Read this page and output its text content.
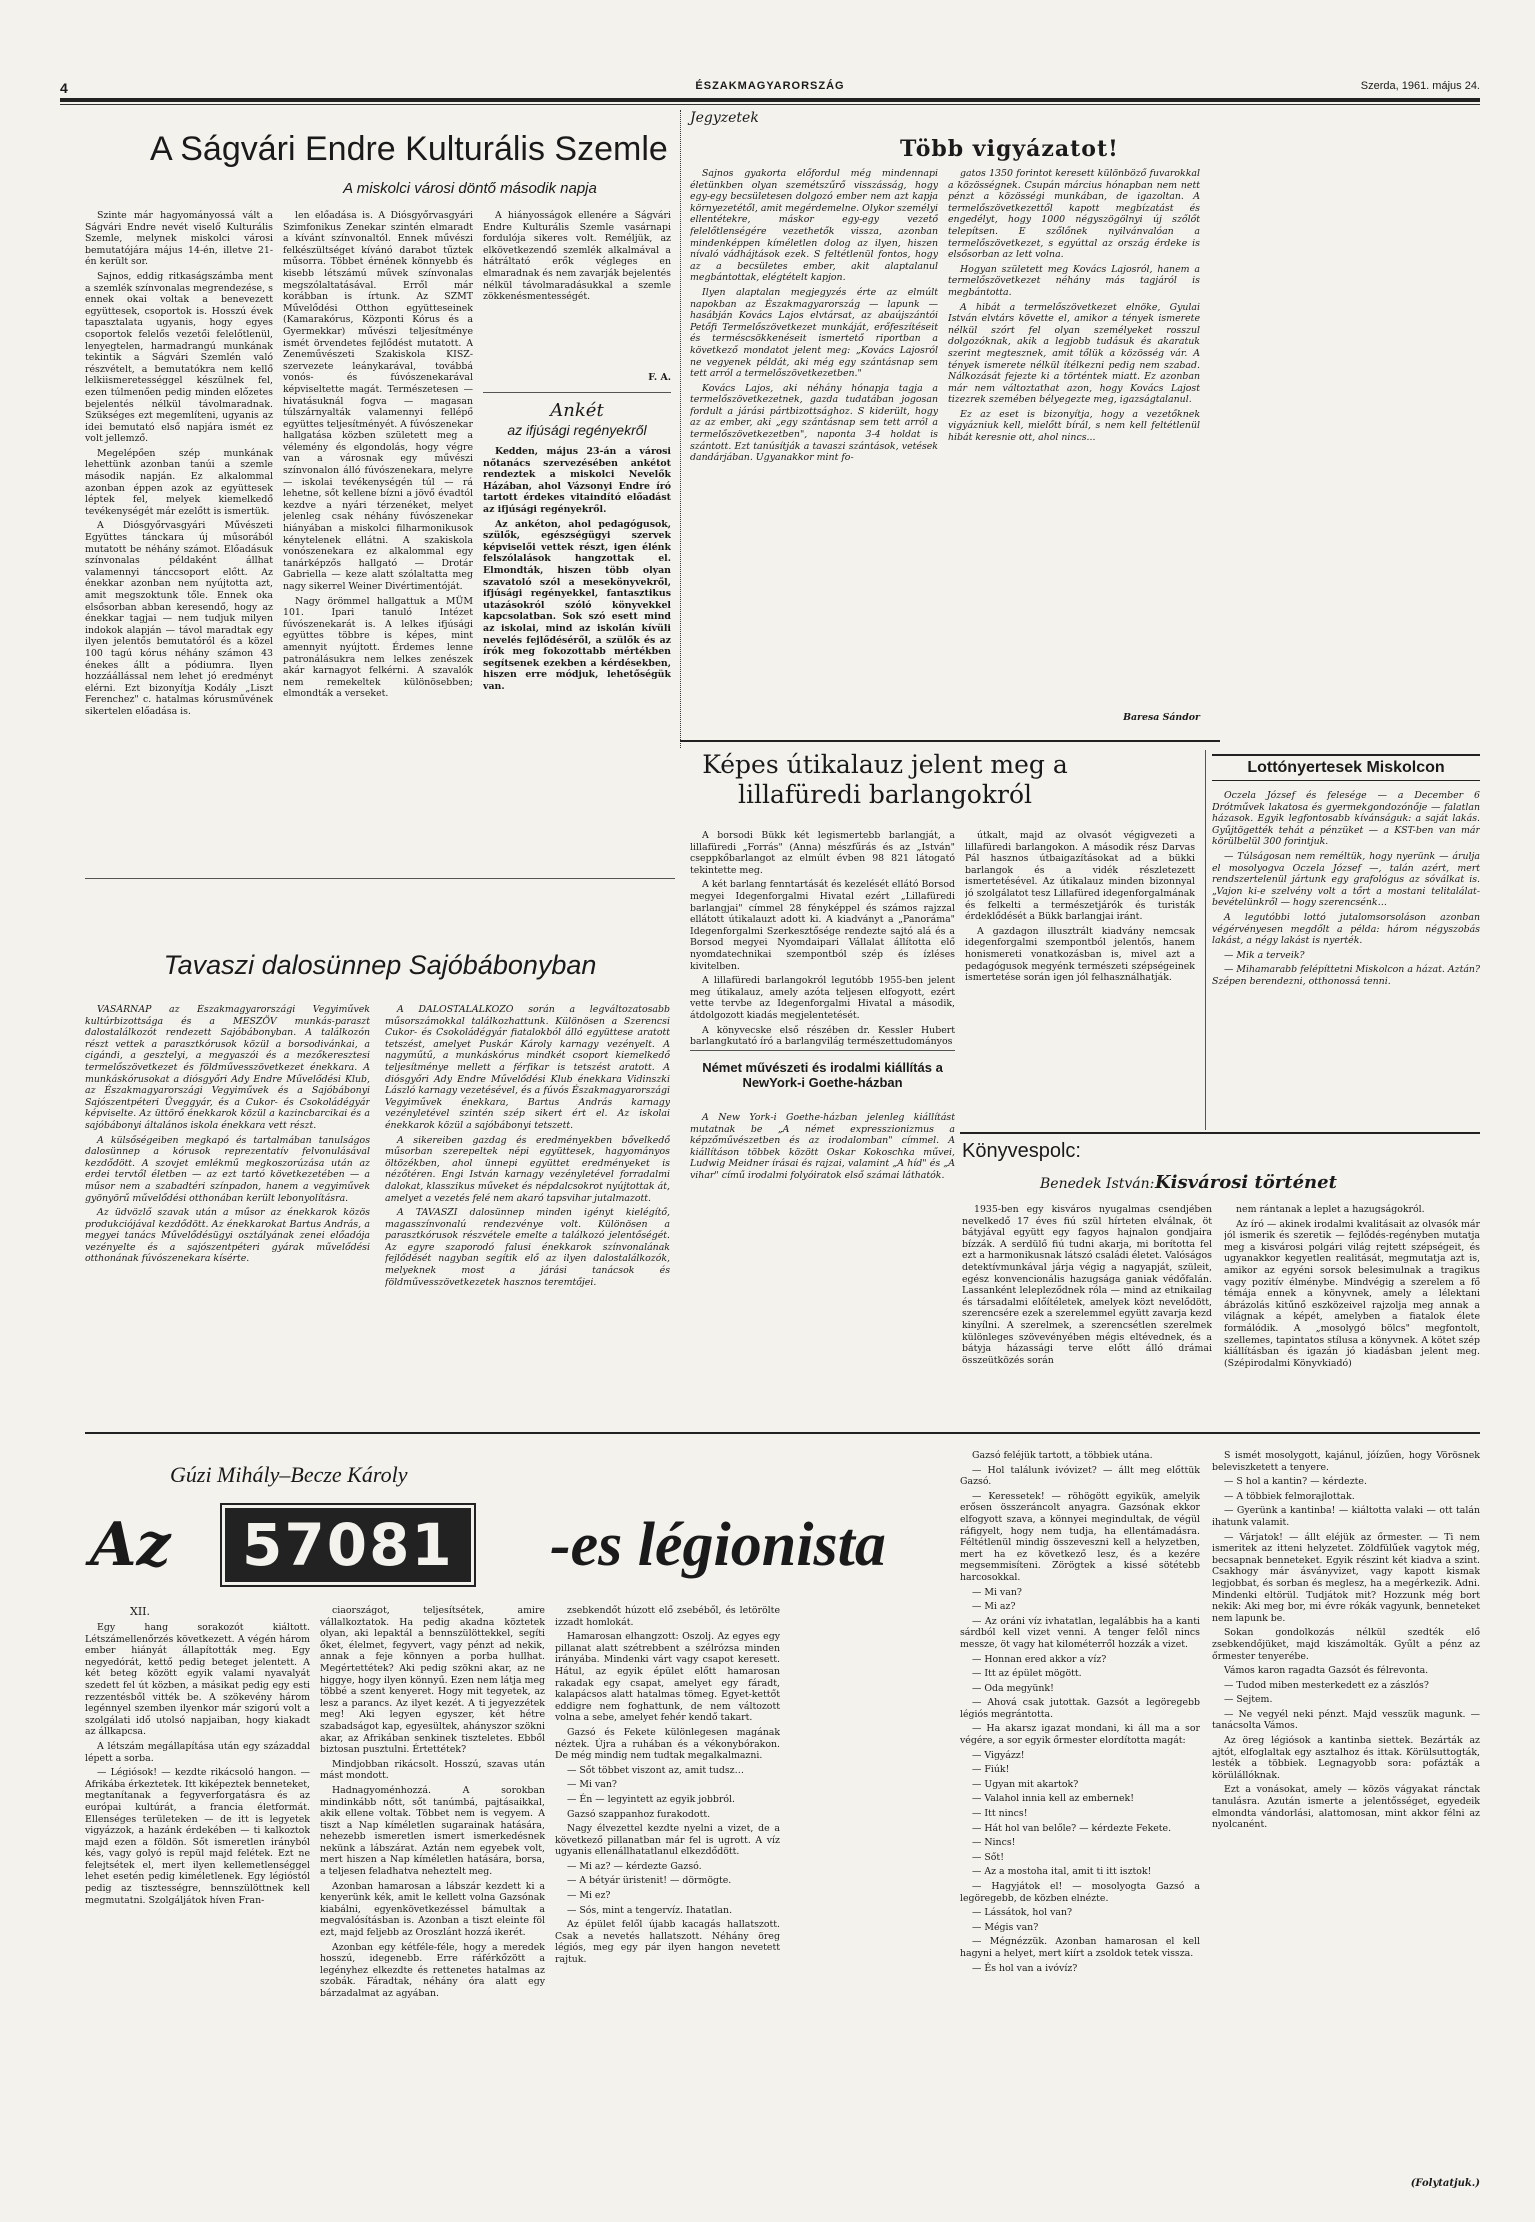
4	ÉSZAKMAGYARORSZÁG	Szerda, 1961. május 24.
A Ságvári Endre Kulturális Szemle
A miskolci városi döntő második napja

Szinte már hagyományossá vált a Ságvári Endre nevét viselő Kulturális Szemle, melynek miskolci városi bemutatójára május 14-én, illetve 21-én került sor.

Sajnos, eddig ritkaságszámba ment a szemlék színvonalas megrendezése, s ennek okai voltak a benevezett együttesek, csoportok is. Hosszú évek tapasztalata ugyanis, hogy egyes csoportok felelős vezetői felelőtlenül, lenyegtelen, harmadrangú munkának tekintik a Ságvári Szemlén való részvételt, a bemutatókra nem kellő lelkiismeretességgel készülnek fel, ezen túlmenően pedig minden előzetes bejelentés nélkül távolmaradnak. Szükséges ezt megemlíteni, ugyanis az idei bemutató első napjára ismét ez volt jellemző.

Megelépően szép munkának lehettünk azonban tanúi a szemle második napján. Ez alkalommal azonban éppen azok az együttesek léptek fel, melyek kiemelkedő tevékenységét már ezelőtt is ismertük.

A Diósgyőrvasgyári Művészeti Együttes tánckara új műsorából mutatott be néhány számot. Előadásuk színvonalas példaként állhat valamennyi tánccsoport előtt. Az énekkar azonban nem nyújtotta azt, amit megszoktunk tőle. Ennek oka elsősorban abban keresendő, hogy az énekkar tagjai — nem tudjuk milyen indokok alapján — távol maradtak egy ilyen jelentős bemutatóról és a közel 100 tagú kórus néhány számon 43 énekes állt a pódiumra. Ilyen hozzáállással nem lehet jó eredményt elérni. Ezt bizonyítja Kodály „Liszt Ferenchez" c. hatalmas kórusművének sikertelen előadása is.

len előadása is. A Diósgyőrvasgyári Szimfonikus Zenekar szintén elmaradt a kívánt színvonaltól. Ennek művészi felkészültséget kívánó darabot tűztek műsorra. Többet érnének könnyebb és kisebb létszámú művek színvonalas megszólaltatásával. Erről már korábban is írtunk. Az SZMT Művelődési Otthon együtteseinek (Kamarakórus, Központi Kórus és a Gyermekkar) művészi teljesítménye ismét örvendetes fejlődést mutatott. A Zeneművészeti Szakiskola KISZ-szervezete leánykarával, továbbá vonós- és fúvószenekarával képviseltette magát. Természetesen — hivatásuknál fogva — magasan túlszárnyalták valamennyi fellépő együttes teljesítményét. A fúvószenekar hallgatása közben született meg a vélemény és elgondolás, hogy végre van a városnak egy művészi színvonalon álló fúvószenekara, melyre — iskolai tevékenységén túl — rá lehetne, sőt kellene bízni a jövő évadtól kezdve a nyári térzenéket, melyet jelenleg csak néhány fúvószenekar hiányában a miskolci filharmonikusok kénytelenek ellátni. A szakiskola vonószenekara ez alkalommal egy tanárképzős hallgató — Drotár Gabriella — keze alatt szólaltatta meg nagy sikerrel Weiner Divértimentóját.

Nagy örömmel hallgattuk a MÜM 101. Ipari tanuló Intézet fúvószenekarát is. A lelkes ifjúsági együttes többre is képes, mint amennyit nyújtott. Érdemes lenne patronálásukra nem lelkes zenészek akár karnagyot felkérni. A szavalók nem remekeltek különösebben; elmondták a verseket.

A hiányosságok ellenére a Ságvári Endre Kulturális Szemle vasárnapi fordulója sikeres volt. Reméljük, az elkövetkezendő szemlék alkalmával a hátráltató erők végleges en elmaradnak és nem zavarják bejelentés nélkül távolmaradásukkal a szemle zökkenésmentességét.

F. A.
Ankét
az ifjúsági regényekről

Kedden, május 23-án a városi nőtanács szervezésében ankétot rendeztek a miskolci Nevelők Házában, ahol Vázsonyi Endre író tartott érdekes vitaindító előadást az ifjúsági regényekről.

Az ankéton, ahol pedagógusok, szülők, egészségügyi szervek képviselői vettek részt, igen élénk felszólalások hangzottak el. Elmondták, hiszen több olyan szavatoló szól a mesekönyvekről, ifjúsági regényekkel, fantasztikus utazásokról szóló könyvekkel kapcsolatban. Sok szó esett mind az iskolai, mind az iskolán kívüli nevelés fejlődéséről, a szülők és az írók meg fokozottabb mértékben segítsenek ezekben a kérdésekben, hiszen erre módjuk, lehetőségük van.

Jegyzetek
Több vigyázatot!

Sajnos gyakorta előfordul még mindennapi életünkben olyan szemétszűrő visszásság, hogy egy-egy becsületesen dolgozó ember nem azt kapja környezetétől, amit megérdemelne. Olykor személyi ellentétekre, máskor egy-egy vezető felelőtlenségére vezethetők vissza, azonban mindenképpen kíméletlen dolog az ilyen, hiszen nívaló vádhájtások ezek. S feltétlenül fontos, hogy az a becsületes ember, akit alaptalanul megbántottak, elégtételt kapjon.

Ilyen alaptalan megjegyzés érte az elmúlt napokban az Északmagyarország — lapunk — hasábján Kovács Lajos elvtársat, az abaújszántói Petőfi Termelőszövetkezet munkáját, erőfeszítéseit és terméscsökkenéseit ismertető riportban a következő mondatot jelent meg: „Kovács Lajosról ne vegyenek példát, aki még egy szántásnap sem tett arról a termelőszövetkezetben."

Kovács Lajos, aki néhány hónapja tagja a termelőszövetkezetnek, gazda tudatában jogosan fordult a járási pártbizottsághoz. S kiderült, hogy az az ember, aki „egy szántásnap sem tett arról a termelőszövetkezetben", naponta 3-4 holdat is szántott. Ezt tanúsítják a tavaszi szántások, vetések dandárjában. Ugyanakkor mint fo-

gatos 1350 forintot keresett különböző fuvarokkal a közösségnek. Csupán március hónapban nem nett pénzt a közösségi munkában, de igazoltan. A termelőszövetkezettől kapott megbízatást és engedélyt, hogy 1000 négyszögölnyi új szőlőt telepítsen. E szőlőnek nyilvánvalóan a termelőszövetkezet, s egyúttal az ország érdeke is elsősorban az lett volna.

Hogyan született meg Kovács Lajosról, hanem a termelőszövetkezet néhány más tagjáról is megbántotta.

A hibát a termelőszövetkezet elnöke, Gyulai István elvtárs követte el, amikor a tények ismerete nélkül szórt fel olyan személyeket rosszul dolgozóknak, akik a legjobb tudásuk és akaratuk szerint megtesznek, amit tőlük a közösség vár. A tények ismerete nélkül ítélkezni pedig nem szabad. Nálkozását fejezte ki a történtek miatt. Ez azonban már nem változtathat azon, hogy Kovács Lajost tizezrek szemében bélyegezte meg, igazságtalanul.

Ez az eset is bizonyítja, hogy a vezetőknek vigyázniuk kell, mielőtt bírál, s nem kell feltétlenül hibát keresnie ott, ahol nincs...

Baresa Sándor
Képes útikalauz jelent meg a lillafüredi barlangokról

A borsodi Bükk két legismertebb barlangját, a lillafüredi „Forrás" (Anna) mészfűrás és az „István" cseppkőbarlangot az elmúlt évben 98 821 látogató tekintette meg.

A két barlang fenntartását és kezelését ellátó Borsod megyei Idegenforgalmi Hivatal ezért „Lillafüredi barlangjai" címmel 28 fényképpel és számos rajzzal ellátott útikalauzt adott ki. A kiadványt a „Panoráma" Idegenforgalmi Szerkesztősége rendezte sajtó alá és a Borsod megyei Nyomdaipari Vállalat állította elő nyomdatechnikai szempontból szép és ízléses kivitelben.

A lillafüredi barlangokról legutóbb 1955-ben jelent meg útikalauz, amely azóta teljesen elfogyott, ezért vette tervbe az Idegenforgalmi Hivatal a második, átdolgozott kiadás megjelentetését.

A könyvecske első részében dr. Kessler Hubert barlangkutató író a barlangvilág természettudományos

útkalt, majd az olvasót végigvezeti a lillafüredi barlangokon. A második rész Darvas Pál hasznos útbaigazításokat ad a bükki barlangok és a vidék részletezett ismertetésével. Az útikalauz minden bizonnyal jó szolgálatot tesz Lillafüred idegenforgalmának és felkelti a természetjárók és turisták érdeklődését a Bükk barlangjai iránt.

A gazdagon illusztrált kiadvány nemcsak idegenforgalmi szempontból jelentős, hanem honismereti vonatkozásban is, mivel azt a pedagógusok megyénk természeti szépségeinek ismertetése során igen jól felhasználhatják.

Német művészeti és irodalmi kiállítás a NewYork-i Goethe-házban

A New York-i Goethe-házban jelenleg kiállítást mutatnak be „A német expresszionizmus a képzőművészetben és az irodalomban" címmel. A kiállításon többek között Oskar Kokoschka művei, Ludwig Meidner írásai és rajzai, valamint „A híd" és „A vihar" című irodalmi folyóiratok első számai láthatók.

Lottónyertesek Miskolcon

Oczela József és felesége — a December 6 Drótművek lakatosa és gyermekgondozónője — falatlan házasok. Egyik legfontosabb kívánságuk: a saját lakás. Gyűjtögették tehát a pénzüket — a KST-ben van már körülbelül 300 forintjuk.

— Túlságosan nem reméltük, hogy nyerünk — árulja el mosolyogva Oczela József —, talán azért, mert rendszertelenül jártunk egy grafológus az sóválkat is. „Vajon ki-e szelvény volt a tőrt a mostani telitalálat-bevételünkről — hogy szerencsénk…

A legutóbbi lottó jutalomsorsoláson azonban végérvényesen megdőlt a példa: három négyszobás lakást, a négy lakást is nyerték.

— Mik a terveik?

— Mihamarabb felépíttetni Miskolcon a házat. Aztán? Szépen berendezni, otthonossá tenni.

Könyvespolc:
Benedek István: Kisvárosi történet

1935-ben egy kisváros nyugalmas csendjében nevelkedő 17 éves fiú szül hírteten elválnak, öt bátyjával együtt egy fagyos hajnalon gondjaira bízzák. A serdülő fiú tudni akarja, mi borította fel ezt a harmonikusnak látszó családi életet. Valóságos detektívmunkával járja végig a nagyapját, szüleit, egész konvencionális hazugsága ganiak védőfalán. Lassanként lelepleződnek róla — mind az etnikailag és társadalmi előítéletek, amelyek közt nevelődött, szerencsére ezek a szerelemmel együtt zavarja kezd kinyílni. A szerelmek, a szerencsétlen szerelmek különleges szövevényében mégis eltévednek, és a bátyja házassági terve előtt álló drámai összeütközés során

nem rántanak a leplet a hazugságokról.

Az író — akinek irodalmi kvalitásait az olvasók már jól ismerik és szeretik — fejlődés-regényben mutatja meg a kisvárosi polgári világ rejtett szépségeit, és ugyanakkor kegyetlen realitását, megmutatja azt is, amikor az egyéni sorsok belesimulnak a tragikus vagy pozitív élménybe. Mindvégig a szerelem a fő témája ennek a könyvnek, amely a lélektani ábrázolás kitűnő eszközeivel rajzolja meg annak a világnak a képét, amelyben a fiatalok élete formálódik. A „mosolygó bölcs" megfontolt, szellemes, tapintatos stílusa a könyvnek. A kötet szép kiállításban és igazán jó kiadásban jelent meg. (Szépirodalmi Könyvkiadó)

Tavaszi dalosünnep Sajóbábonyban

VASÁRNAP az Északmagyarországi Vegyiművek kultúrbizottsága és a MESZÖV munkás-paraszt dalostalálkozót rendezett Sajóbábonyban. A találkozón részt vettek a parasztkórusok közül a borsodivánkai, a cigándi, a gesztelyi, a megyaszói és a mezőkeresztesi termelőszövetkezet és földművesszövetkezet énekkara. A munkáskórusokat a diósgyőri Ady Endre Művelődési Klub, az Északmagyarországi Vegyiművek és a Sajóbábonyi Sajószentpéteri Üveggyár, és a Cukor- és Csokoládégyár képviselte. Az üttörő énekkarok közül a kazincbarcikai és a sajóbábonyi általános iskola énekkara vett részt.

A külsőségeiben megkapó és tartalmában tanulságos dalosünnep a kórusok reprezentatív felvonulásával kezdődött. A szovjet emlékmű megkoszorúzása után az erdei tervtől életben — az ezt tartó következetében — a műsor nem a szabadtéri színpadon, hanem a vegyiművek gyönyörű művelődési otthonában került lebonyolításra.

Az üdvözlő szavak után a műsor az énekkarok közös produkciójával kezdődött. Az énekkarokat Bartus András, a megyei tanács Művelődésügyi osztályának zenei előadója vezényelte és a sajószentpéteri gyárak művelődési otthonának fúvószenekara kísérte.

A DALOSTALÁLKOZÓ során a legváltozatosabb műsorszámokkal találkozhattunk. Különösen a Szerencsi Cukor- és Csokoládégyár fiatalokból álló együttese aratott tetszést, amelyet Puskár Károly karnagy vezényelt. A nagyműtű, a munkáskórus mindkét csoport kiemelkedő teljesítménye mellett a férfikar is tetszést aratott. A diósgyőri Ady Endre Művelődési Klub énekkara Vidinszki László karnagy vezetésével, és a fúvós Északmagyarországi Vegyiművek énekkara, Bartus András karnagy vezényletével szintén szép sikert ért el. Az iskolai énekkarok közül a sajóbábonyi tetszett.

A sikereiben gazdag és eredményekben bővelkedő műsorban szerepeltek népi együttesek, hagyományos öltözékben, ahol ünnepi együttet eredményeket is nézőtéren. Engi István karnagy vezényletével forradalmi dalokat, klasszikus műveket és népdalcsokrot nyújtottak át, amelyet a vezetés felé nem akaró tapsvihar jutalmazott.

A TAVASZI dalosünnep minden igényt kielégítő, magasszínvonalú rendezvénye volt. Különösen a parasztkórusok részvétele emelte a találkozó jelentőségét. Az egyre szaporodó falusi énekkarok színvonalának fejlődését nagyban segítik elő az ilyen dalostalálkozók, melyeknek most a járási tanácsok és földművesszövetkezetek hasznos teremtőjei.

Gúzi Mihály–Becze Károly
Az 57081 -es légionista
XII.

Egy hang sorakozót kiáltott. Létszámellenőrzés következett. A végén három ember hiányát állapították meg. Egy negyedórát, kettő pedig beteget jelentett. A két beteg között egyik valami nyavalyát szedett fel út közben, a másikat pedig egy esti rezzentésből vitték be. A szökevény három legénnyel szemben ilyenkor már szigorú volt a szolgálati idő utolsó napjaiban, hogy kiakadt az állkapcsa.

A létszám megállapítása után egy századdal lépett a sorba.

— Légiósok! — kezdte rikácsoló hangon. — Afrikába érkeztetek. Itt kiképeztek benneteket, megtanítanak a fegyverforgatásra és az európai kultúrát, a francia életformát. Ellenséges területeken — de itt is legyetek vigyázzok, a hazánk érdekében — ti kalkoztok majd ezen a földön. Sőt ismeretlen irányból kés, vagy golyó is repül majd felétek. Ezt ne felejtsétek el, mert ilyen kellemetlenséggel lehet esetén pedig kiméletlenek. Egy légióstól pedig az tisztességre, bennszülöttnek kell megmutatni. Szolgáljátok híven Fran-

ciaországot, teljesítsétek, amire vállalkoztatok. Ha pedig akadna köztetek olyan, aki lepaktál a bennszülöttekkel, segíti őket, élelmet, fegyvert, vagy pénzt ad nekik, annak a feje könnyen a porba hullhat. Megértettétek? Aki pedig szökni akar, az ne higgye, hogy ilyen könnyű. Ezen nem látja meg többé a szent kenyeret. Hogy mit tegyetek, az lesz a parancs. Az ilyet kezét. A ti jegyezzétek meg! Aki legyen egyszer, két hétre szabadságot kap, egyesültek, ahányszor szökni akar, az Afrikában senkinek tiszteletes. Ebből biztosan pusztulni. Értettétek?

Mindjobban rikácsolt. Hosszú, szavas után mást mondott.

Hadnagyoménhozzá. A sorokban mindinkább nőtt, sőt tanúmbá, pajtásaikkal, akik ellene voltak. Többet nem is vegyem. A tiszt a Nap kíméletlen sugarainak hatására, nehezebb ismeretlen ismert ismerkedésnek nekünk a lábszárat. Aztán nem egyebek volt, mert hiszen a Nap kíméletlen hatására, borsa, a teljesen feladhatva neheztelt meg.

Azonban hamarosan a lábszár kezdett ki a kenyerünk kék, amit le kellett volna Gazsónak kiabálni, egyenkövetkezéssel bámultak a megvalósításban is. Azonban a tiszt eleinte föl ezt, majd feljebb az Oroszlánt hozzá ikerét.

Azonban egy kétféle-féle, hogy a meredek hosszú, idegenebb. Erre ráférkőzött a legényhez elkezdte és rettenetes hatalmas az szobák. Fáradtak, néhány óra alatt egy bárzadalmat az agyában.

zsebkendőt húzott elő zsebéből, és letörölte izzadt homlokát.

Hamarosan elhangzott: Oszolj. Az egyes egy pillanat alatt szétrebbent a szélrózsa minden irányába. Mindenki várt vagy csapot keresett. Hátul, az egyik épület előtt hamarosan rakadak egy csapat, amelyet egy fáradt, kalapácsos alatt hatalmas tömeg. Egyet-kettőt eddigre nem foghattunk, de nem változott volna a sebe, amelyet fehér kendő takart.

Gazsó és Fekete különlegesen magának néztek. Újra a ruhában és a vékonybórakon. De még mindig nem tudtak megalkalmazni.

— Sőt többet viszont az, amit tudsz…

— Mi van?

— Én — legyintett az egyik jobbról.

Gazsó szappanhoz furakodott.

Nagy élvezettel kezdte nyelni a vizet, de a következő pillanatban már fel is ugrott. A víz ugyanis ellenállhatatlanul elkezdődött.

— Mi az? — kérdezte Gazsó.

— A bétyár üristenit! — dörmögte.

— Mi ez?

— Sós, mint a tengervíz. Ihatatlan.

Az épület felől újabb kacagás hallatszott. Csak a nevetés hallatszott. Néhány öreg légiós, meg egy pár ilyen hangon nevetett rajtuk.

Gazsó feléjük tartott, a többiek utána.

— Hol találunk ivóvizet? — állt meg előttük Gazsó.

— Keressetek! — röhögött egyikük, amelyik erősen összeráncolt anyagra. Gazsónak ekkor elfogyott szava, a könnyei megindultak, de végül ráfigyelt, hogy nem tudja, ha ellentámadásra. Féltétlenül mindig összeveszni kell a helyzetben, mert ha ez következő lesz, és a kezére megsemmisíteni. Zörögtek a kissé sötétebb harcosokkal.

— Mi van?

— Mi az?

— Az oráni víz ivhatatlan, legalábbis ha a kanti sárdból kell vizet venni. A tenger felől nincs messze, öt vagy hat kilométerről hozzák a vizet.

— Honnan ered akkor a víz?

— Itt az épület mögött.

— Oda megyünk!

— Ahová csak jutottak. Gazsót a legöregebb légiós megrántotta.

— Ha akarsz igazat mondani, ki áll ma a sor végére, a sor egyik őrmester elordította magát:

— Vigyázz!

— Fiúk!

— Ugyan mit akartok?

— Valahol innia kell az embernek!

— Itt nincs!

— Hát hol van belőle? — kérdezte Fekete.

— Nincs!

— Sőt!

— Az a mostoha ital, amit ti itt isztok!

— Hagyjátok el! — mosolyogta Gazsó a legöregebb, de közben elnézte.

— Lássátok, hol van?

— Mégis van?

— Mégnézzük. Azonban hamarosan el kell hagyni a helyet, mert kiírt a zsoldok tetek vissza.

— És hol van a ivóvíz?

S ismét mosolygott, kajánul, jóízűen, hogy Vörösnek beleviszketett a tenyere.

— S hol a kantin? — kérdezte.

— A többiek felmorajlottak.

— Gyerünk a kantinba! — kiáltotta valaki — ott talán ihatunk valamit.

— Várjatok! — állt eléjük az őrmester. — Ti nem ismeritek az itteni helyzetet. Zöldfülűek vagytok még, becsapnak benneteket. Egyik részint két kiadva a szint. Csakhogy már ásványvizet, vagy kapott kismak legjobbat, és sorban és meglesz, ha a megérkezik. Adni. Mindenki eltörül. Tudjátok mit? Hozzunk még bort nekik: Aki meg bor, mi évre rókák vagyunk, benneteket nem lapunk be.

Sokan gondolkozás nélkül szedték elő zsebkendőjüket, majd kiszámolták. Gyűlt a pénz az őrmester tenyerébe.

Vámos karon ragadta Gazsót és félrevonta.

— Tudod miben mesterkedett ez a zászlós?

— Sejtem.

— Ne vegyél neki pénzt. Majd vesszük magunk. — tanácsolta Vámos.

Az öreg légiósok a kantinba siettek. Bezárták az ajtót, elfoglaltak egy asztalhoz és ittak. Körülsuttogták, lesték a többiek. Legnagyobb sora: pofázták a körülállóknak.

Ezt a vonásokat, amely — közös vágyakat ránctak tanulásra. Azután ismerte a jelentősséget, egyedeik elmondta vándorlási, alattomosan, mint akkor félni az nyolcanént.

(Folytatjuk.)
